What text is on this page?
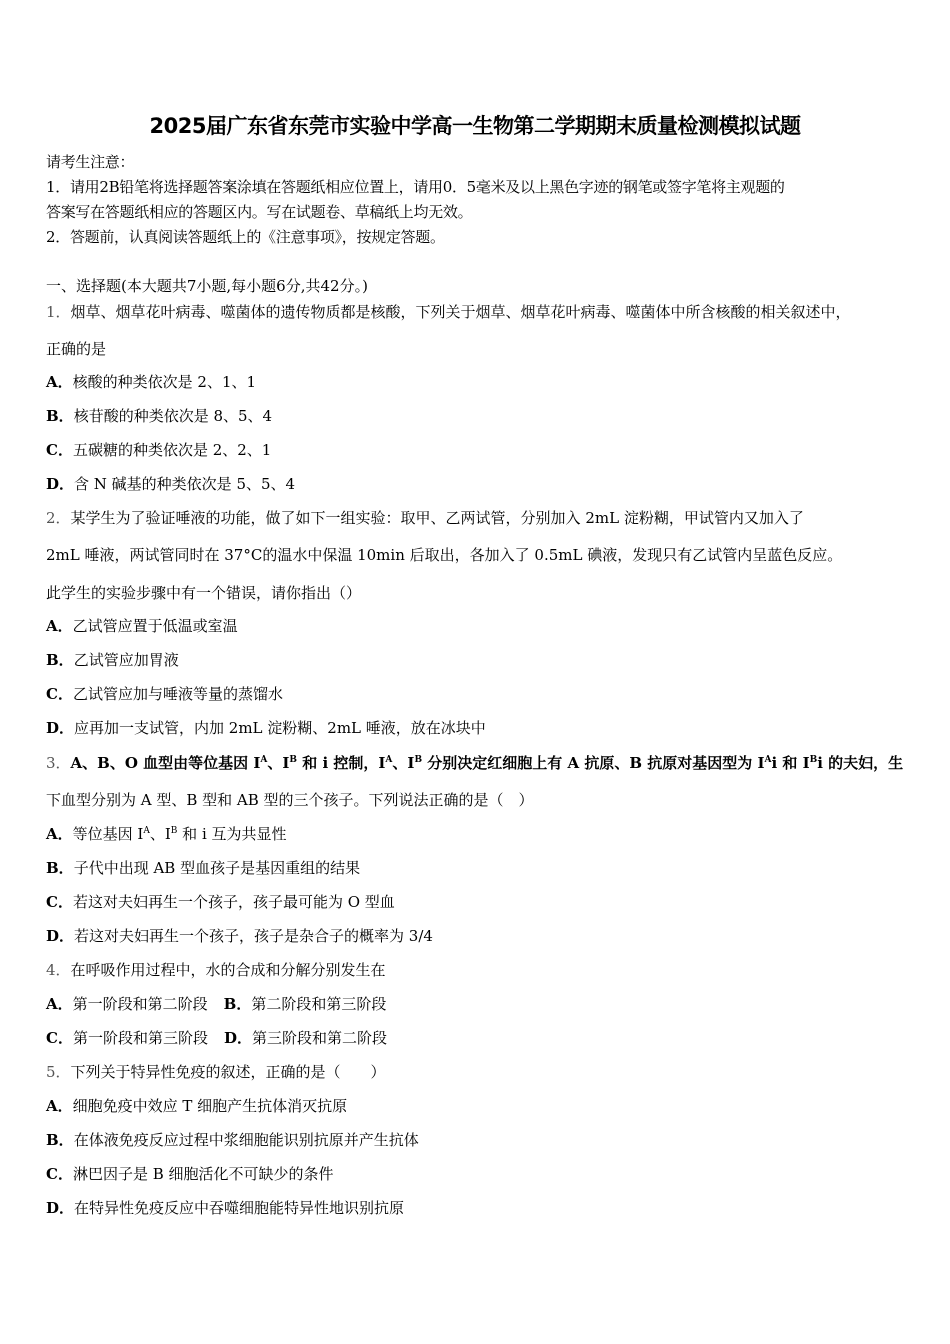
2025届广东省东莞市实验中学高一生物第二学期期末质量检测模拟试题
请考生注意：
1．请用2B铅笔将选择题答案涂填在答题纸相应位置上，请用0．5毫米及以上黑色字迹的钢笔或签字笔将主观题的
答案写在答题纸相应的答题区内。写在试题卷、草稿纸上均无效。
2．答题前，认真阅读答题纸上的《注意事项》，按规定答题。
一、选择题(本大题共7小题,每小题6分,共42分。)
1．烟草、烟草花叶病毒、噬菌体的遗传物质都是核酸，下列关于烟草、烟草花叶病毒、噬菌体中所含核酸的相关叙述中，
正确的是
A．核酸的种类依次是 2、1、1
B．核苷酸的种类依次是 8、5、4
C．五碳糖的种类依次是 2、2、1
D．含 N 碱基的种类依次是 5、5、4
2．某学生为了验证唾液的功能，做了如下一组实验：取甲、乙两试管，分别加入 2mL 淀粉糊，甲试管内又加入了
2mL 唾液，两试管同时在 37°C的温水中保温 10min 后取出，各加入了 0.5mL 碘液，发现只有乙试管内呈蓝色反应。
此学生的实验步骤中有一个错误，请你指出（）
A．乙试管应置于低温或室温
B．乙试管应加胃液
C．乙试管应加与唾液等量的蒸馏水
D．应再加一支试管，内加 2mL 淀粉糊、2mL 唾液，放在冰块中
3．A、B、O 血型由等位基因 $I^A$、$I^B$ 和 i 控制，$I^A$、$I^B$ 分别决定红细胞上有 A 抗原、B 抗原对基因型为 $I^Ai$ 和 $I^Bi$ 的夫妇，生
下血型分别为 A 型、B 型和 AB 型的三个孩子。下列说法正确的是（　）
A．等位基因 $I^A$、$I^B$ 和 i 互为共显性
B．子代中出现 AB 型血孩子是基因重组的结果
C．若这对夫妇再生一个孩子，孩子最可能为 O 型血
D．若这对夫妇再生一个孩子，孩子是杂合子的概率为 3/4
4．在呼吸作用过程中，水的合成和分解分别发生在
A．第一阶段和第二阶段 B．第二阶段和第三阶段
C．第一阶段和第三阶段 D．第三阶段和第二阶段
5．下列关于特异性免疫的叙述，正确的是（　　）
A．细胞免疫中效应 T 细胞产生抗体消灭抗原
B．在体液免疫反应过程中浆细胞能识别抗原并产生抗体
C．淋巴因子是 B 细胞活化不可缺少的条件
D．在特异性免疫反应中吞噬细胞能特异性地识别抗原
